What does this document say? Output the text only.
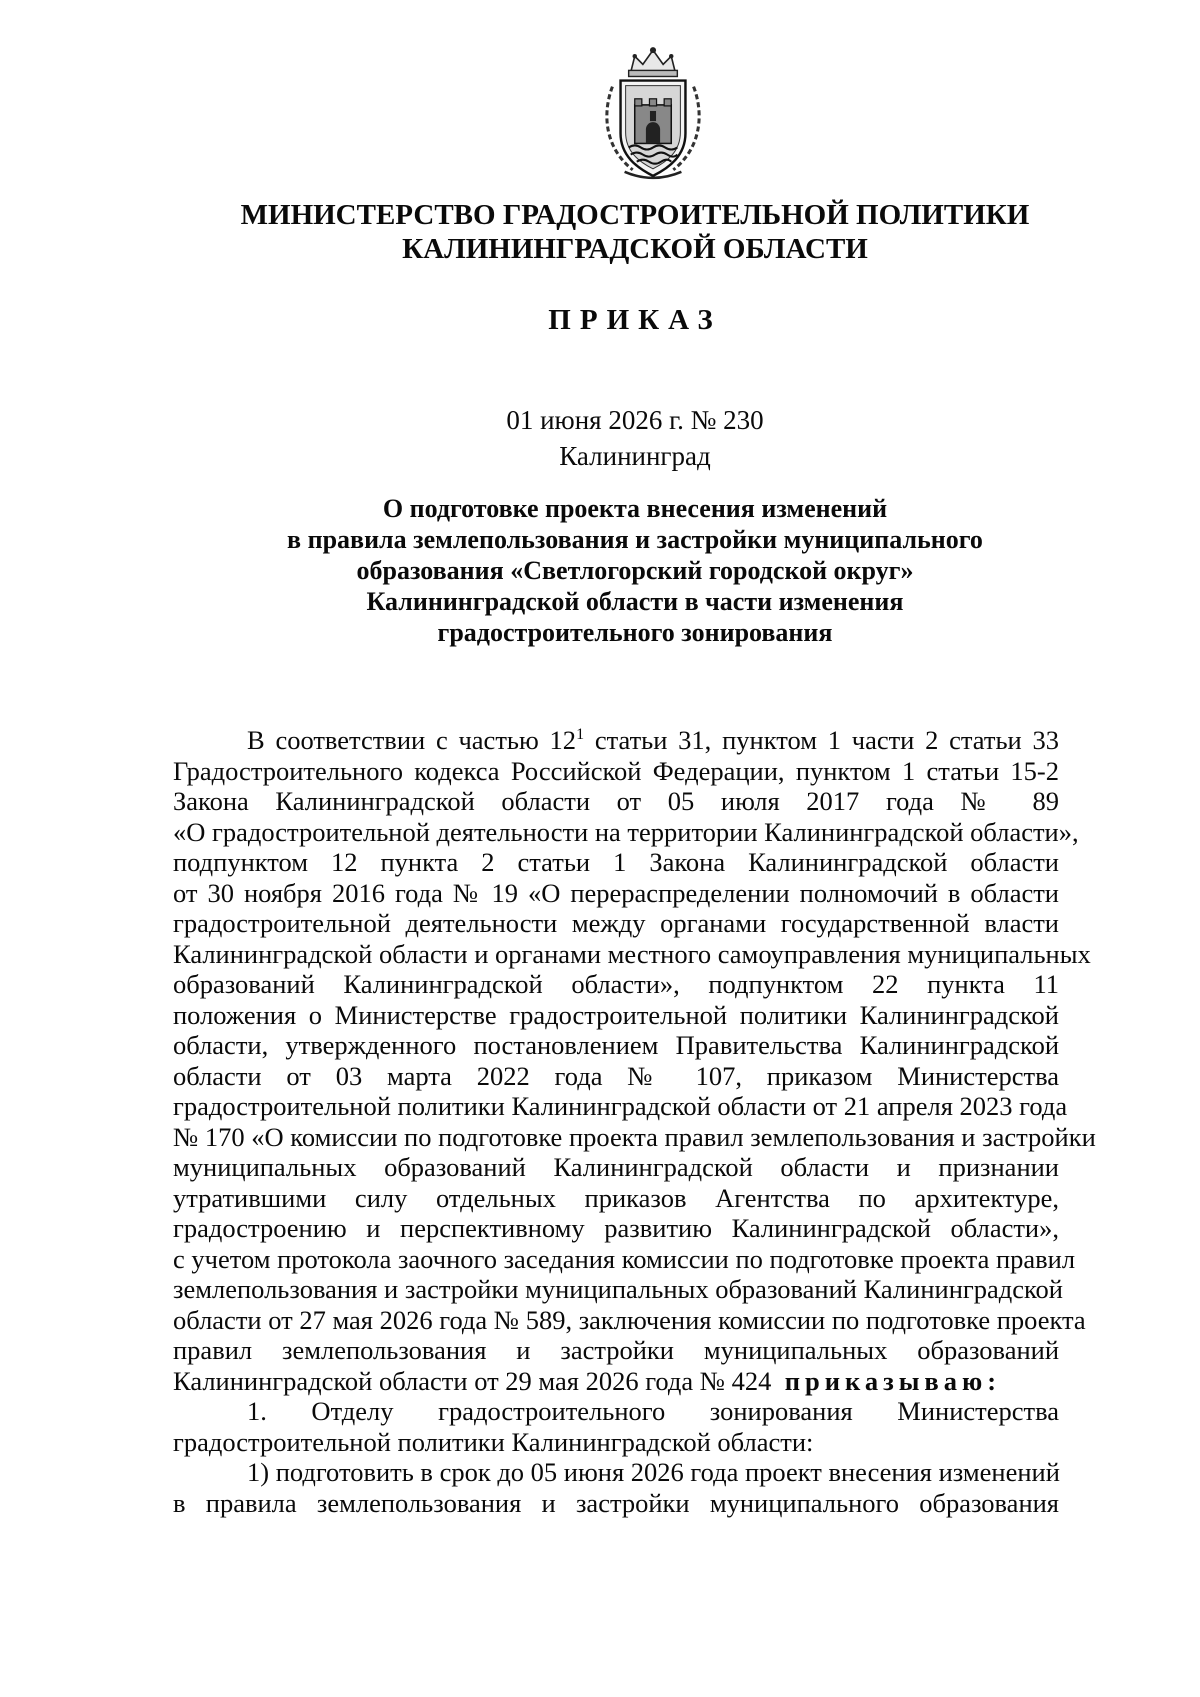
МИНИСТЕРСТВО ГРАДОСТРОИТЕЛЬНОЙ ПОЛИТИКИ
КАЛИНИНГРАДСКОЙ ОБЛАСТИ
ПРИКАЗ
01 июня 2026 г. № 230
Калининград
О подготовке проекта внесения изменений
в правила землепользования и застройки муниципального
образования «Светлогорский городской округ»
Калининградской области в части изменения
градостроительного зонирования
В соответствии с частью $12^1$ статьи 31, пунктом 1 части 2 статьи 33
Градостроительного кодекса Российской Федерации, пунктом 1 статьи 15-2
Закона Калининградской области от 05 июля 2017 года № 89
«О градостроительной деятельности на территории Калининградской области»,
подпунктом 12 пункта 2 статьи 1 Закона Калининградской области
от 30 ноября 2016 года № 19 «О перераспределении полномочий в области
градостроительной деятельности между органами государственной власти
Калининградской области и органами местного самоуправления муниципальных
образований Калининградской области», подпунктом 22 пункта 11
положения о Министерстве градостроительной политики Калининградской
области, утвержденного постановлением Правительства Калининградской
области от 03 марта 2022 года № 107, приказом Министерства
градостроительной политики Калининградской области от 21 апреля 2023 года
№ 170 «О комиссии по подготовке проекта правил землепользования и застройки
муниципальных образований Калининградской области и признании
утратившими силу отдельных приказов Агентства по архитектуре,
градостроению и перспективному развитию Калининградской области»,
с учетом протокола заочного заседания комиссии по подготовке проекта правил
землепользования и застройки муниципальных образований Калининградской
области от 27 мая 2026 года № 589, заключения комиссии по подготовке проекта
правил землепользования и застройки муниципальных образований
Калининградской области от 29 мая 2026 года № 424 приказываю:
1. Отделу градостроительного зонирования Министерства
градостроительной политики Калининградской области:
1) подготовить в срок до 05 июня 2026 года проект внесения изменений
в правила землепользования и застройки муниципального образования
